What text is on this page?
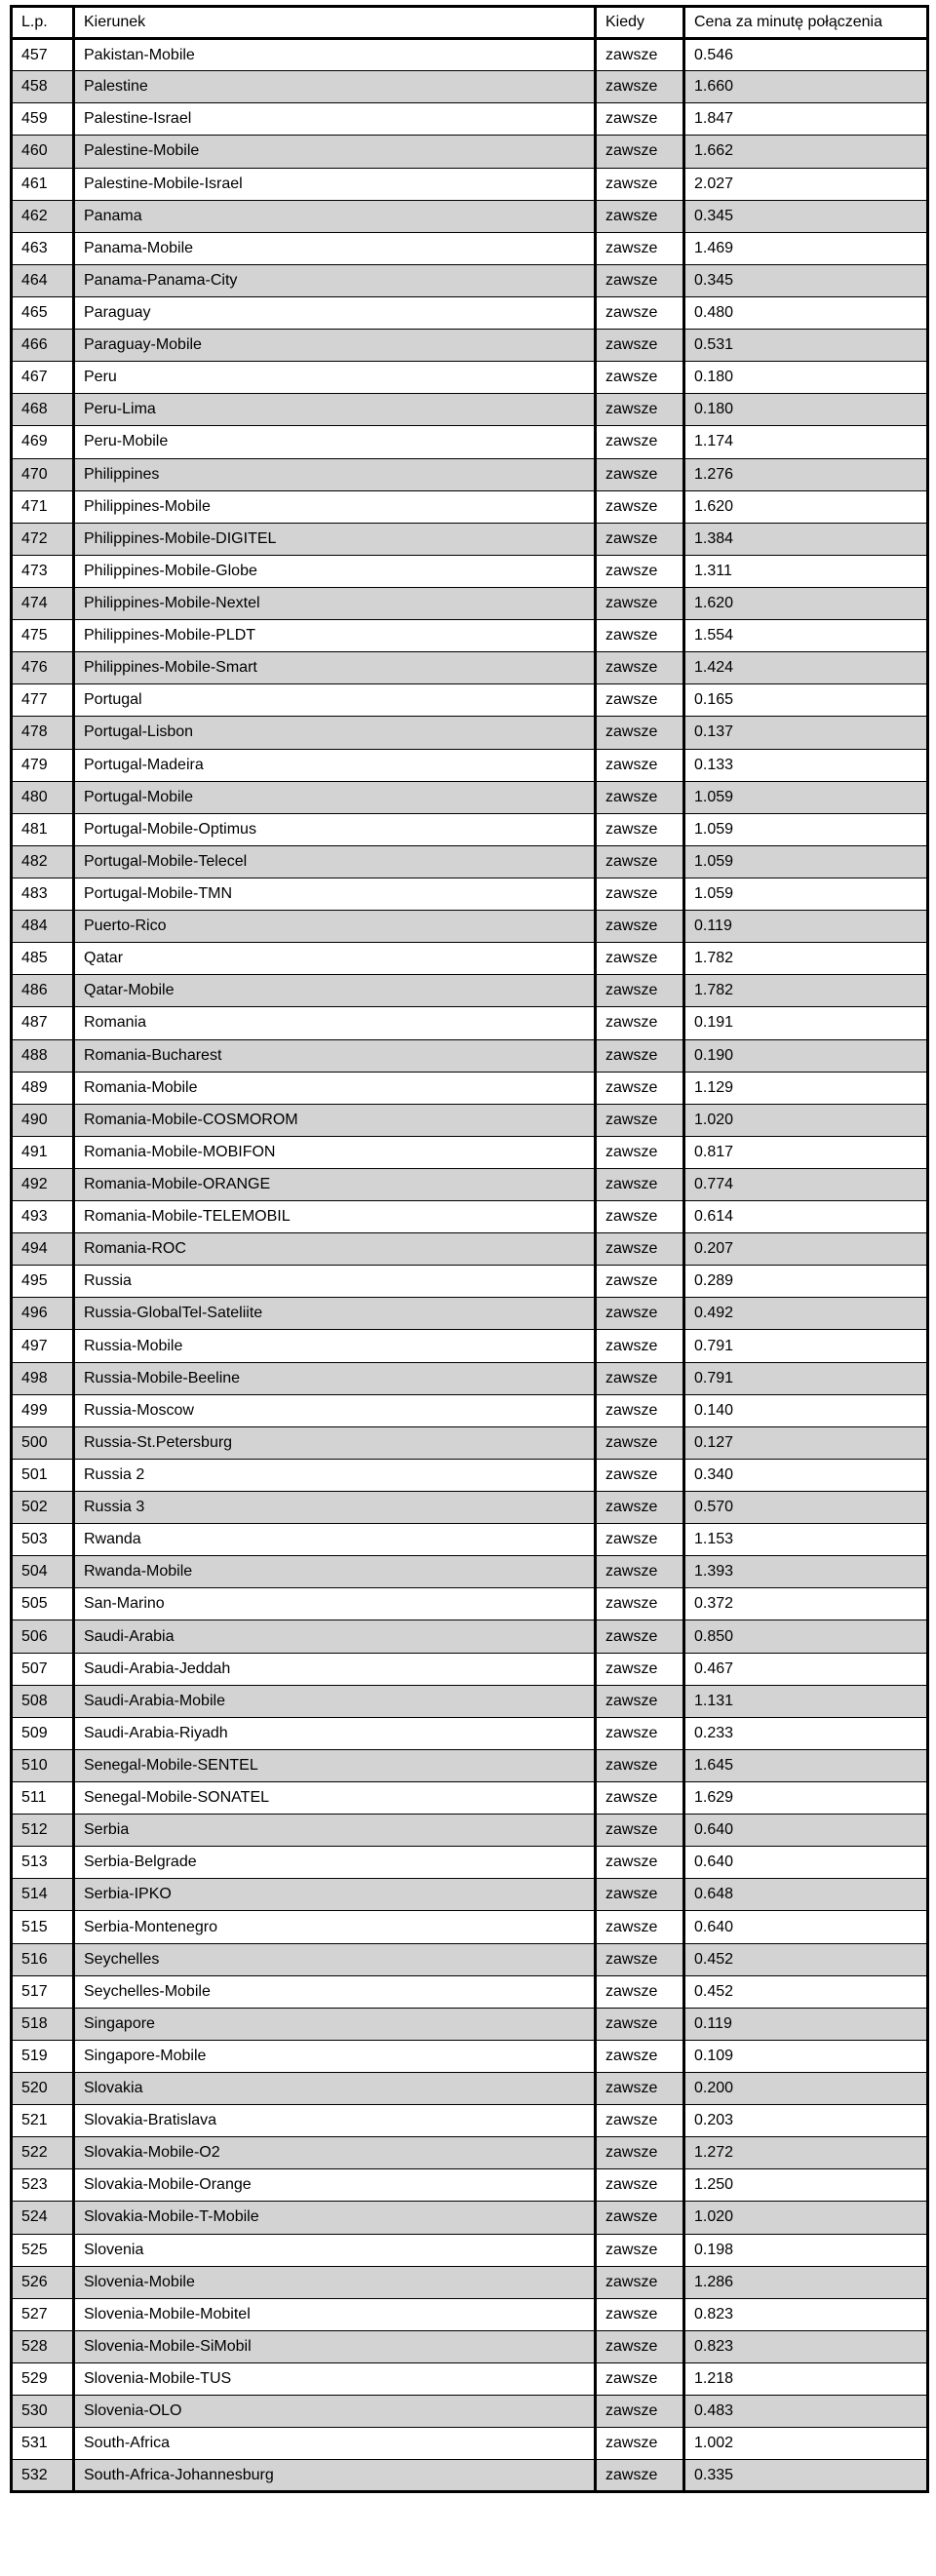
L.p.	Kierunek	Kiedy	Cena za minutę połączenia
457	Pakistan-Mobile	zawsze	0.546
458	Palestine	zawsze	1.660
459	Palestine-Israel	zawsze	1.847
460	Palestine-Mobile	zawsze	1.662
461	Palestine-Mobile-Israel	zawsze	2.027
462	Panama	zawsze	0.345
463	Panama-Mobile	zawsze	1.469
464	Panama-Panama-City	zawsze	0.345
465	Paraguay	zawsze	0.480
466	Paraguay-Mobile	zawsze	0.531
467	Peru	zawsze	0.180
468	Peru-Lima	zawsze	0.180
469	Peru-Mobile	zawsze	1.174
470	Philippines	zawsze	1.276
471	Philippines-Mobile	zawsze	1.620
472	Philippines-Mobile-DIGITEL	zawsze	1.384
473	Philippines-Mobile-Globe	zawsze	1.311
474	Philippines-Mobile-Nextel	zawsze	1.620
475	Philippines-Mobile-PLDT	zawsze	1.554
476	Philippines-Mobile-Smart	zawsze	1.424
477	Portugal	zawsze	0.165
478	Portugal-Lisbon	zawsze	0.137
479	Portugal-Madeira	zawsze	0.133
480	Portugal-Mobile	zawsze	1.059
481	Portugal-Mobile-Optimus	zawsze	1.059
482	Portugal-Mobile-Telecel	zawsze	1.059
483	Portugal-Mobile-TMN	zawsze	1.059
484	Puerto-Rico	zawsze	0.119
485	Qatar	zawsze	1.782
486	Qatar-Mobile	zawsze	1.782
487	Romania	zawsze	0.191
488	Romania-Bucharest	zawsze	0.190
489	Romania-Mobile	zawsze	1.129
490	Romania-Mobile-COSMOROM	zawsze	1.020
491	Romania-Mobile-MOBIFON	zawsze	0.817
492	Romania-Mobile-ORANGE	zawsze	0.774
493	Romania-Mobile-TELEMOBIL	zawsze	0.614
494	Romania-ROC	zawsze	0.207
495	Russia	zawsze	0.289
496	Russia-GlobalTel-Sateliite	zawsze	0.492
497	Russia-Mobile	zawsze	0.791
498	Russia-Mobile-Beeline	zawsze	0.791
499	Russia-Moscow	zawsze	0.140
500	Russia-St.Petersburg	zawsze	0.127
501	Russia 2	zawsze	0.340
502	Russia 3	zawsze	0.570
503	Rwanda	zawsze	1.153
504	Rwanda-Mobile	zawsze	1.393
505	San-Marino	zawsze	0.372
506	Saudi-Arabia	zawsze	0.850
507	Saudi-Arabia-Jeddah	zawsze	0.467
508	Saudi-Arabia-Mobile	zawsze	1.131
509	Saudi-Arabia-Riyadh	zawsze	0.233
510	Senegal-Mobile-SENTEL	zawsze	1.645
511	Senegal-Mobile-SONATEL	zawsze	1.629
512	Serbia	zawsze	0.640
513	Serbia-Belgrade	zawsze	0.640
514	Serbia-IPKO	zawsze	0.648
515	Serbia-Montenegro	zawsze	0.640
516	Seychelles	zawsze	0.452
517	Seychelles-Mobile	zawsze	0.452
518	Singapore	zawsze	0.119
519	Singapore-Mobile	zawsze	0.109
520	Slovakia	zawsze	0.200
521	Slovakia-Bratislava	zawsze	0.203
522	Slovakia-Mobile-O2	zawsze	1.272
523	Slovakia-Mobile-Orange	zawsze	1.250
524	Slovakia-Mobile-T-Mobile	zawsze	1.020
525	Slovenia	zawsze	0.198
526	Slovenia-Mobile	zawsze	1.286
527	Slovenia-Mobile-Mobitel	zawsze	0.823
528	Slovenia-Mobile-SiMobil	zawsze	0.823
529	Slovenia-Mobile-TUS	zawsze	1.218
530	Slovenia-OLO	zawsze	0.483
531	South-Africa	zawsze	1.002
532	South-Africa-Johannesburg	zawsze	0.335
